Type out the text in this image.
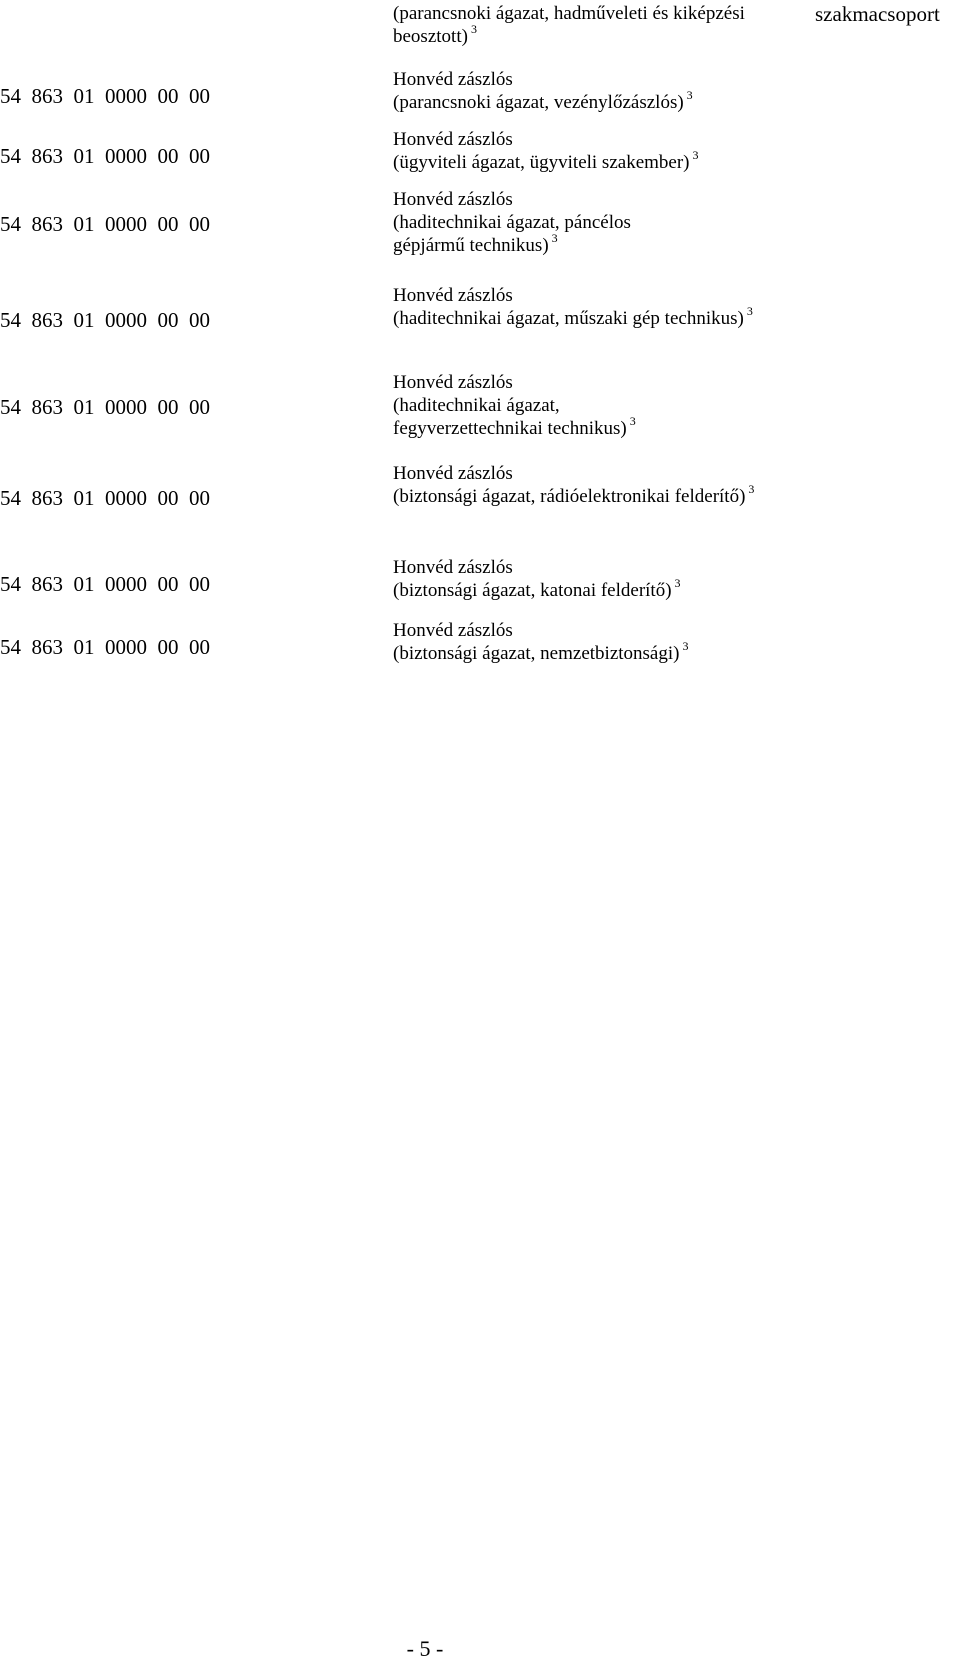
(parancsnoki ágazat, hadműveleti és kiképzési beosztott) $^3$
szakmacsoport
54  863  01  0000  00  00
Honvéd zászlós
(parancsnoki ágazat, vezénylőzászlós) $^3$
54  863  01  0000  00  00
Honvéd zászlós
(ügyviteli ágazat, ügyviteli szakember) $^3$
54  863  01  0000  00  00
Honvéd zászlós
(haditechnikai ágazat, páncélos gépjármű technikus) $^3$
54  863  01  0000  00  00
Honvéd zászlós
(haditechnikai ágazat, műszaki gép technikus) $^3$
54  863  01  0000  00  00
Honvéd zászlós
(haditechnikai ágazat, fegyverzettechnikai technikus) $^3$
54  863  01  0000  00  00
Honvéd zászlós
(biztonsági ágazat, rádióelektronikai felderítő) $^3$
54  863  01  0000  00  00
Honvéd zászlós
(biztonsági ágazat, katonai felderítő) $^3$
54  863  01  0000  00  00
Honvéd zászlós
(biztonsági ágazat, nemzetbiztonsági) $^3$
- 5 -
